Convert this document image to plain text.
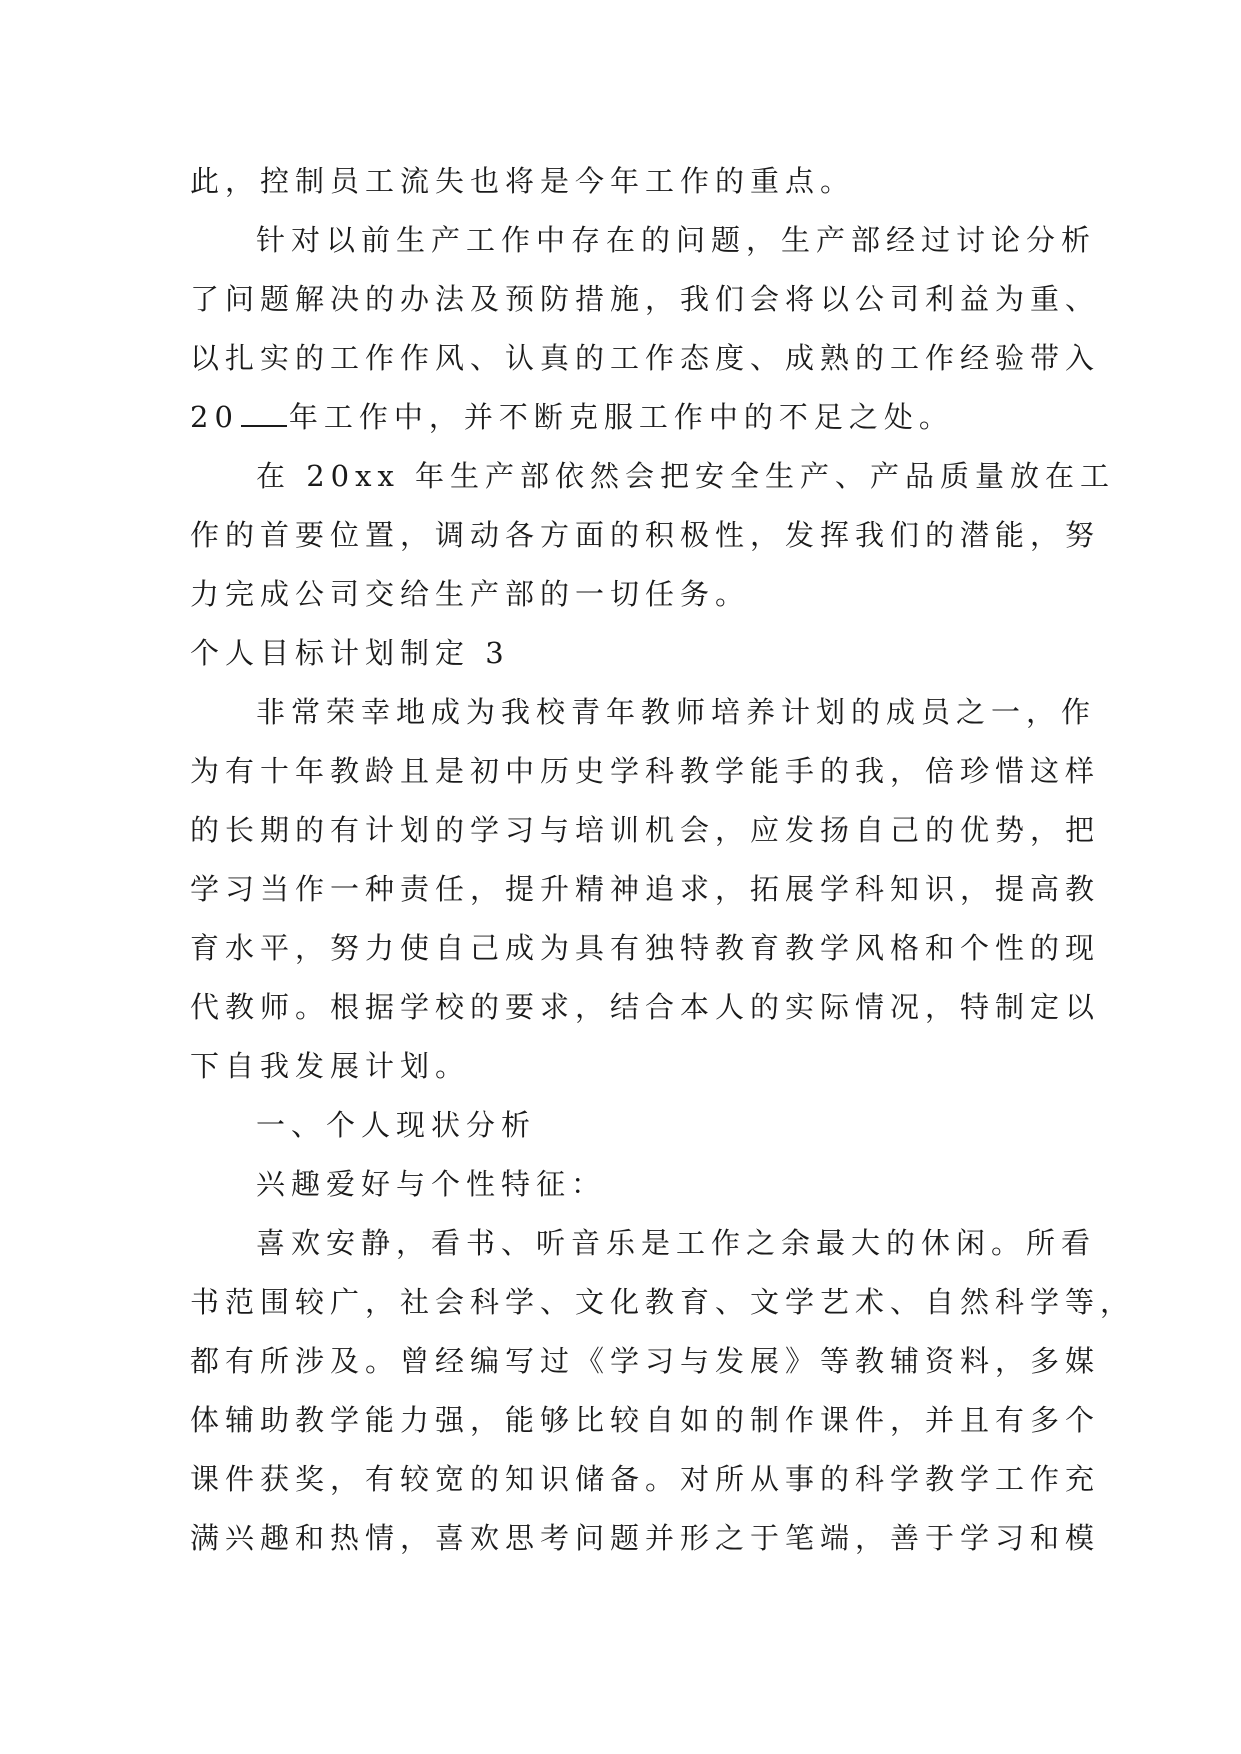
此，控制员工流失也将是今年工作的重点。
针对以前生产工作中存在的问题，生产部经过讨论分析
了问题解决的办法及预防措施，我们会将以公司利益为重、
以扎实的工作作风、认真的工作态度、成熟的工作经验带入
20 年工作中，并不断克服工作中的不足之处。
在 20xx 年生产部依然会把安全生产、产品质量放在工
作的首要位置，调动各方面的积极性，发挥我们的潜能，努
力完成公司交给生产部的一切任务。
个人目标计划制定 3
非常荣幸地成为我校青年教师培养计划的成员之一，作
为有十年教龄且是初中历史学科教学能手的我，倍珍惜这样
的长期的有计划的学习与培训机会，应发扬自己的优势，把
学习当作一种责任，提升精神追求，拓展学科知识，提高教
育水平，努力使自己成为具有独特教育教学风格和个性的现
代教师。根据学校的要求，结合本人的实际情况，特制定以
下自我发展计划。
一、个人现状分析
兴趣爱好与个性特征：
喜欢安静，看书、听音乐是工作之余最大的休闲。所看
书范围较广，社会科学、文化教育、文学艺术、自然科学等，
都有所涉及。曾经编写过《学习与发展》等教辅资料，多媒
体辅助教学能力强，能够比较自如的制作课件，并且有多个
课件获奖，有较宽的知识储备。对所从事的科学教学工作充
满兴趣和热情，喜欢思考问题并形之于笔端，善于学习和模
